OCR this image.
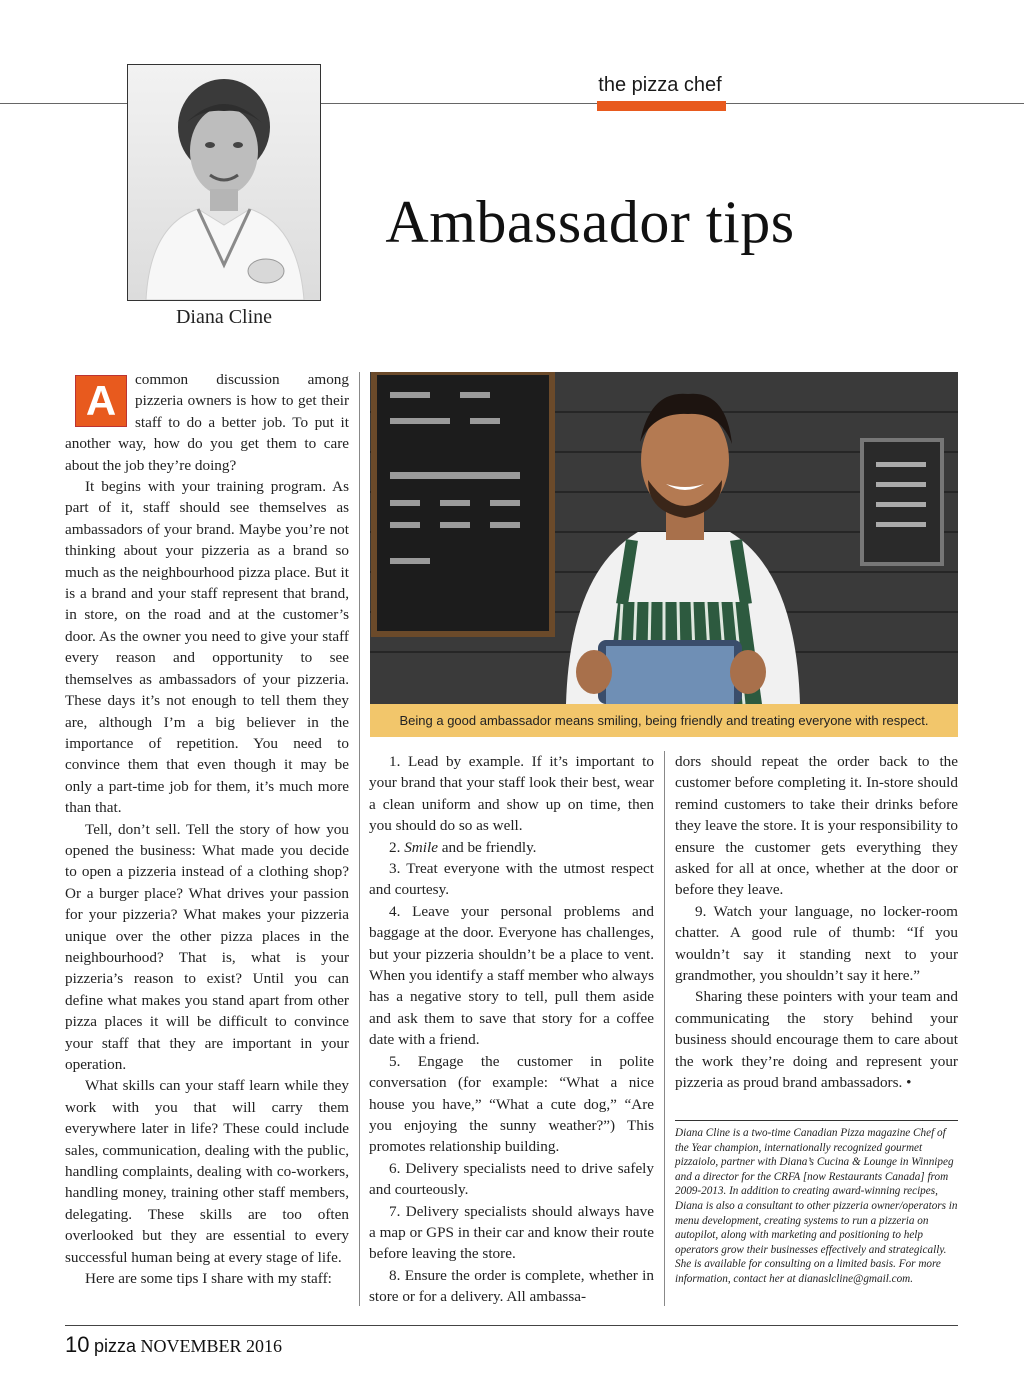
the pizza chef
Diana Cline
Ambassador tips
Being a good ambassador means smiling, being friendly and treating everyone with respect.
A	common discussion among pizzeria owners is how to get their staff to do a better job. To put it another way, how do you get them to care about the job they’re doing?

It begins with your training program. As part of it, staff should see themselves as ambassadors of your brand. Maybe you’re not thinking about your pizzeria as a brand so much as the neighbourhood pizza place. But it is a brand and your staff represent that brand, in store, on the road and at the customer’s door. As the owner you need to give your staff every reason and opportunity to see themselves as ambassadors of your pizzeria. These days it’s not enough to tell them they are, although I’m a big believer in the importance of repetition. You need to convince them that even though it may be only a part-time job for them, it’s much more than that.

Tell, don’t sell. Tell the story of how you opened the business: What made you decide to open a pizzeria instead of a clothing shop? Or a burger place? What drives your passion for your pizzeria? What makes your pizzeria unique over the other pizza places in the neighbourhood? That is, what is your pizzeria’s reason to exist? Until you can define what makes you stand apart from other pizza places it will be difficult to convince your staff that they are important in your operation.

What skills can your staff learn while they work with you that will carry them everywhere later in life? These could include sales, communication, dealing with the public, handling complaints, dealing with co-workers, handling money, training other staff members, delegating. These skills are too often overlooked but they are essential to every successful human being at every stage of life.

Here are some tips I share with my staff:

1. Lead by example. If it’s important to your brand that your staff look their best, wear a clean uniform and show up on time, then you should do so as well.

2. Smile and be friendly.

3. Treat everyone with the utmost respect and courtesy.

4. Leave your personal problems and baggage at the door. Everyone has challenges, but your pizzeria shouldn’t be a place to vent. When you identify a staff member who always has a negative story to tell, pull them aside and ask them to save that story for a coffee date with a friend.

5. Engage the customer in polite conversation (for example: “What a nice house you have,” “What a cute dog,” “Are you enjoying the sunny weather?”) This promotes relationship building.

6. Delivery specialists need to drive safely and courteously.

7. Delivery specialists should always have a map or GPS in their car and know their route before leaving the store.

8. Ensure the order is complete, whether in store or for a delivery. All ambassa-

dors should repeat the order back to the customer before completing it. In-store should remind customers to take their drinks before they leave the store. It is your responsibility to ensure the customer gets everything they asked for all at once, whether at the door or before they leave.

9. Watch your language, no locker-room chatter. A good rule of thumb: “If you wouldn’t say it standing next to your grandmother, you shouldn’t say it here.”

Sharing these pointers with your team and communicating the story behind your business should encourage them to care about the work they’re doing and represent your pizzeria as proud brand ambassadors. •

Diana Cline is a two-time Canadian Pizza magazine Chef of the Year champion, internationally recognized gourmet pizzaiolo, partner with Diana’s Cucina & Lounge in Winnipeg and a director for the CRFA [now Restaurants Canada] from 2009-2013. In addition to creating award-winning recipes, Diana is also a consultant to other pizzeria owner/operators in menu development, creating systems to run a pizzeria on autopilot, along with marketing and positioning to help operators grow their businesses effectively and strategically. She is available for consulting on a limited basis. For more information, contact her at dianaslcline@gmail.com.
10 pizza NOVEMBER 2016
